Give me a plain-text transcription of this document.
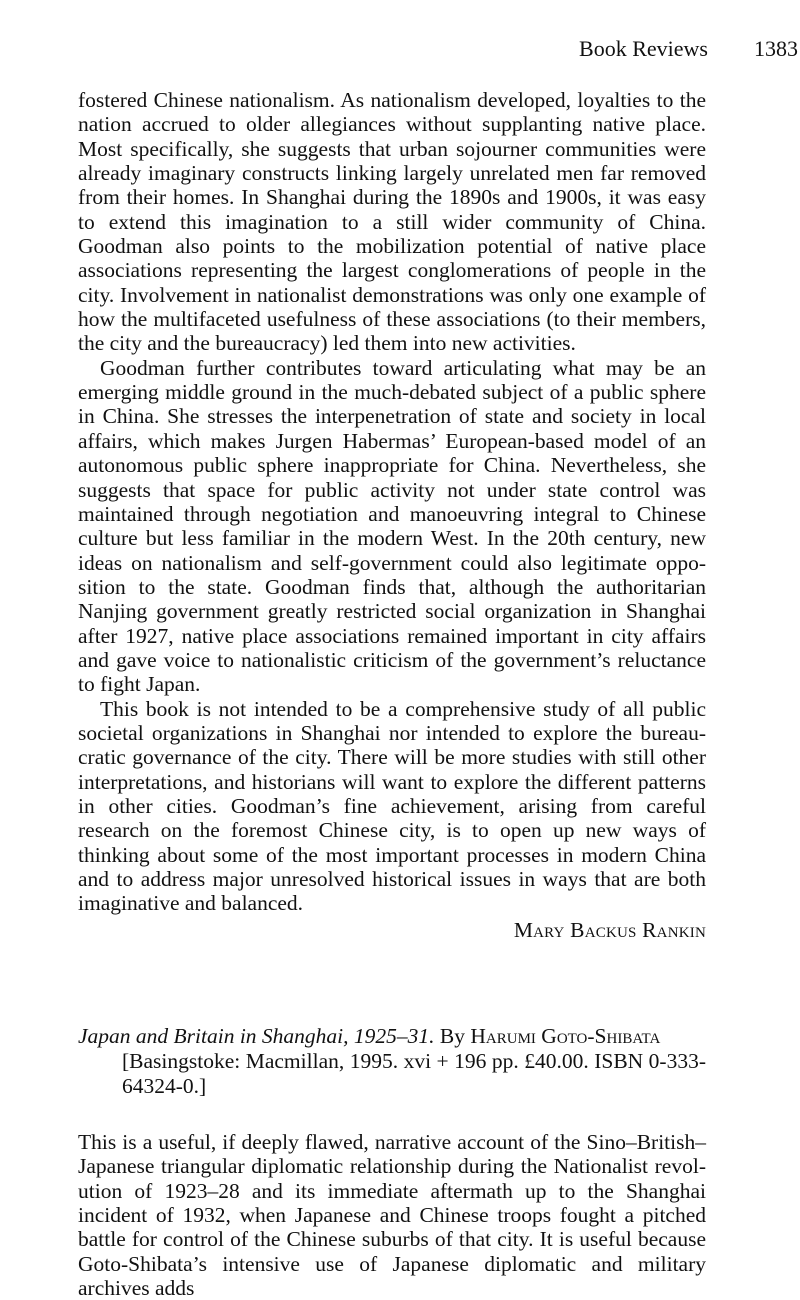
Book Reviews 1383

fostered Chinese nationalism. As nationalism developed, loyalties to the nation accrued to older allegiances without supplanting native place. Most specifically, she suggests that urban sojourner communities were already imaginary constructs linking largely unrelated men far removed from their homes. In Shanghai during the 1890s and 1900s, it was easy to extend this imagination to a still wider community of China. Goodman also points to the mobilization potential of native place associations representing the largest conglomerations of people in the city. Involvement in nationalist demonstrations was only one example of how the multifaceted usefulness of these associations (to their members, the city and the bureaucracy) led them into new activities.

Goodman further contributes toward articulating what may be an emerging middle ground in the much-debated subject of a public sphere in China. She stresses the interpenetration of state and society in local affairs, which makes Jurgen Habermas’ European-based model of an autonomous public sphere inappropriate for China. Nevertheless, she suggests that space for public activity not under state control was maintained through negotiation and manoeuvring integral to Chinese culture but less familiar in the modern West. In the 20th century, new ideas on nationalism and self-government could also legitimate opposition to the state. Goodman finds that, although the authoritarian Nanjing government greatly restricted social organization in Shanghai after 1927, native place associations remained important in city affairs and gave voice to nationalistic criticism of the government’s reluctance to fight Japan.

This book is not intended to be a comprehensive study of all public societal organizations in Shanghai nor intended to explore the bureaucratic governance of the city. There will be more studies with still other interpretations, and historians will want to explore the different patterns in other cities. Goodman’s fine achievement, arising from careful research on the foremost Chinese city, is to open up new ways of thinking about some of the most important processes in modern China and to address major unresolved historical issues in ways that are both imaginative and balanced.

Mary Backus Rankin
Japan and Britain in Shanghai, 1925–31. By Harumi Goto-Shibata
[Basingstoke: Macmillan, 1995. xvi + 196 pp. £40.00. ISBN 0-333-64324-0.]

This is a useful, if deeply flawed, narrative account of the Sino–British–Japanese triangular diplomatic relationship during the Nationalist revolution of 1923–28 and its immediate aftermath up to the Shanghai incident of 1932, when Japanese and Chinese troops fought a pitched battle for control of the Chinese suburbs of that city. It is useful because Goto-Shibata’s intensive use of Japanese diplomatic and military archives adds
